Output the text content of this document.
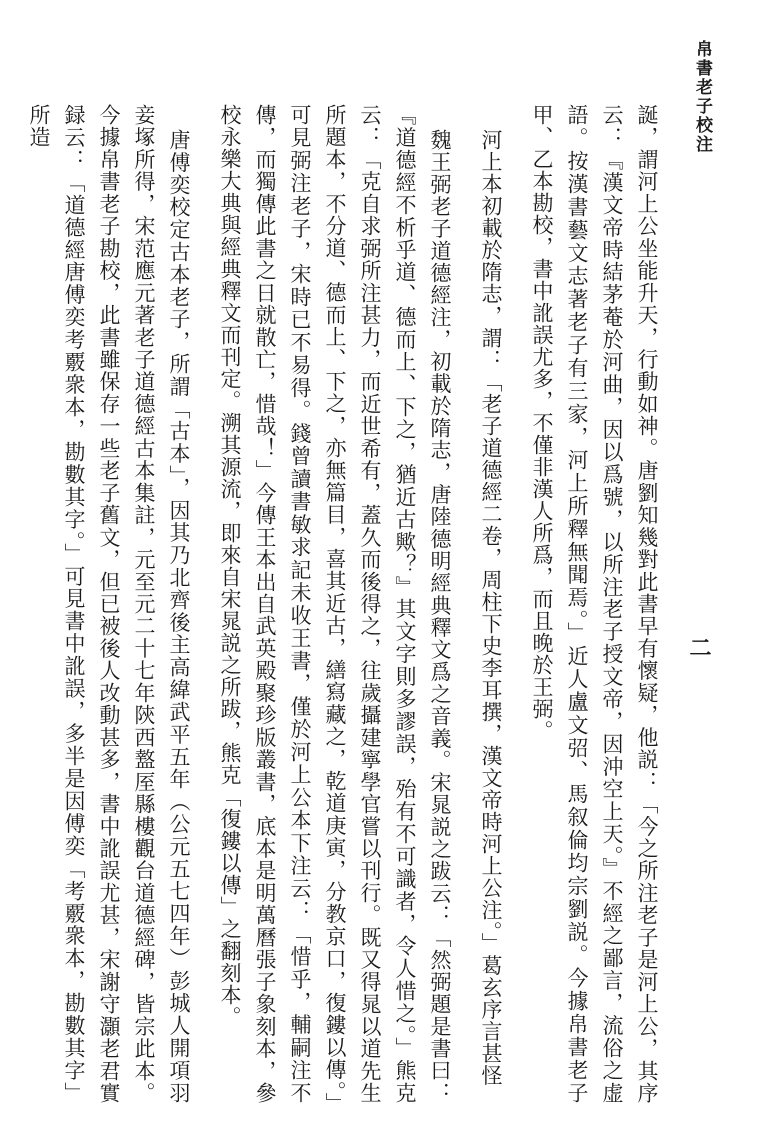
帛書老子校注
二

誕，謂河上公坐能升天，行動如神。唐劉知幾對此書早有懷疑，他説：「今之所注老子是河上公，其序云：『漢文帝時結茅菴於河曲，因以爲號，以所注老子授文帝，因沖空上天。』不經之鄙言，流俗之虚語。按漢書藝文志著老子有三家，河上所釋無聞焉。」近人盧文弨、馬叙倫均宗劉説。今據帛書老子甲、乙本勘校，書中訛誤尤多，不僅非漢人所爲，而且晚於王弼。

河上本初載於隋志，謂：「老子道德經二卷，周柱下史李耳撰，漢文帝時河上公注。」葛玄序言甚怪

魏王弼老子道德經注，初載於隋志，唐陸德明經典釋文爲之音義。宋晁説之跋云：「然弼題是書曰：『道德經不析乎道、德而上、下之，猶近古歟？』其文字則多謬誤，殆有不可識者，令人惜之。」熊克云：「克自求弼所注甚力，而近世希有，蓋久而後得之，往歲攝建寧學官嘗以刊行。既又得晁以道先生所題本，不分道、德而上、下之，亦無篇目，喜其近古，繕寫藏之，乾道庚寅，分教京口，復鏤以傳。」可見弼注老子，宋時已不易得。錢曾讀書敏求記未收王書，僅於河上公本下注云：「惜乎，輔嗣注不傳，而獨傳此書之日就散亡，惜哉！」今傳王本出自武英殿聚珍版叢書，底本是明萬曆張子象刻本，參校永樂大典與經典釋文而刊定。溯其源流，即來自宋晁説之所跋，熊克「復鏤以傳」之翻刻本。

唐傅奕校定古本老子，所謂「古本」，因其乃北齊後主高緯武平五年（公元五七四年）彭城人開項羽妾塚所得，宋范應元著老子道德經古本集註，元至元二十七年陝西盩厔縣樓觀台道德經碑，皆宗此本。今據帛書老子勘校，此書雖保存一些老子舊文，但已被後人改動甚多，書中訛誤尤甚，宋謝守灝老君實録云：「道德經唐傅奕考覈衆本，勘數其字。」可見書中訛誤，多半是因傅奕「考覈衆本，勘數其字」所造
